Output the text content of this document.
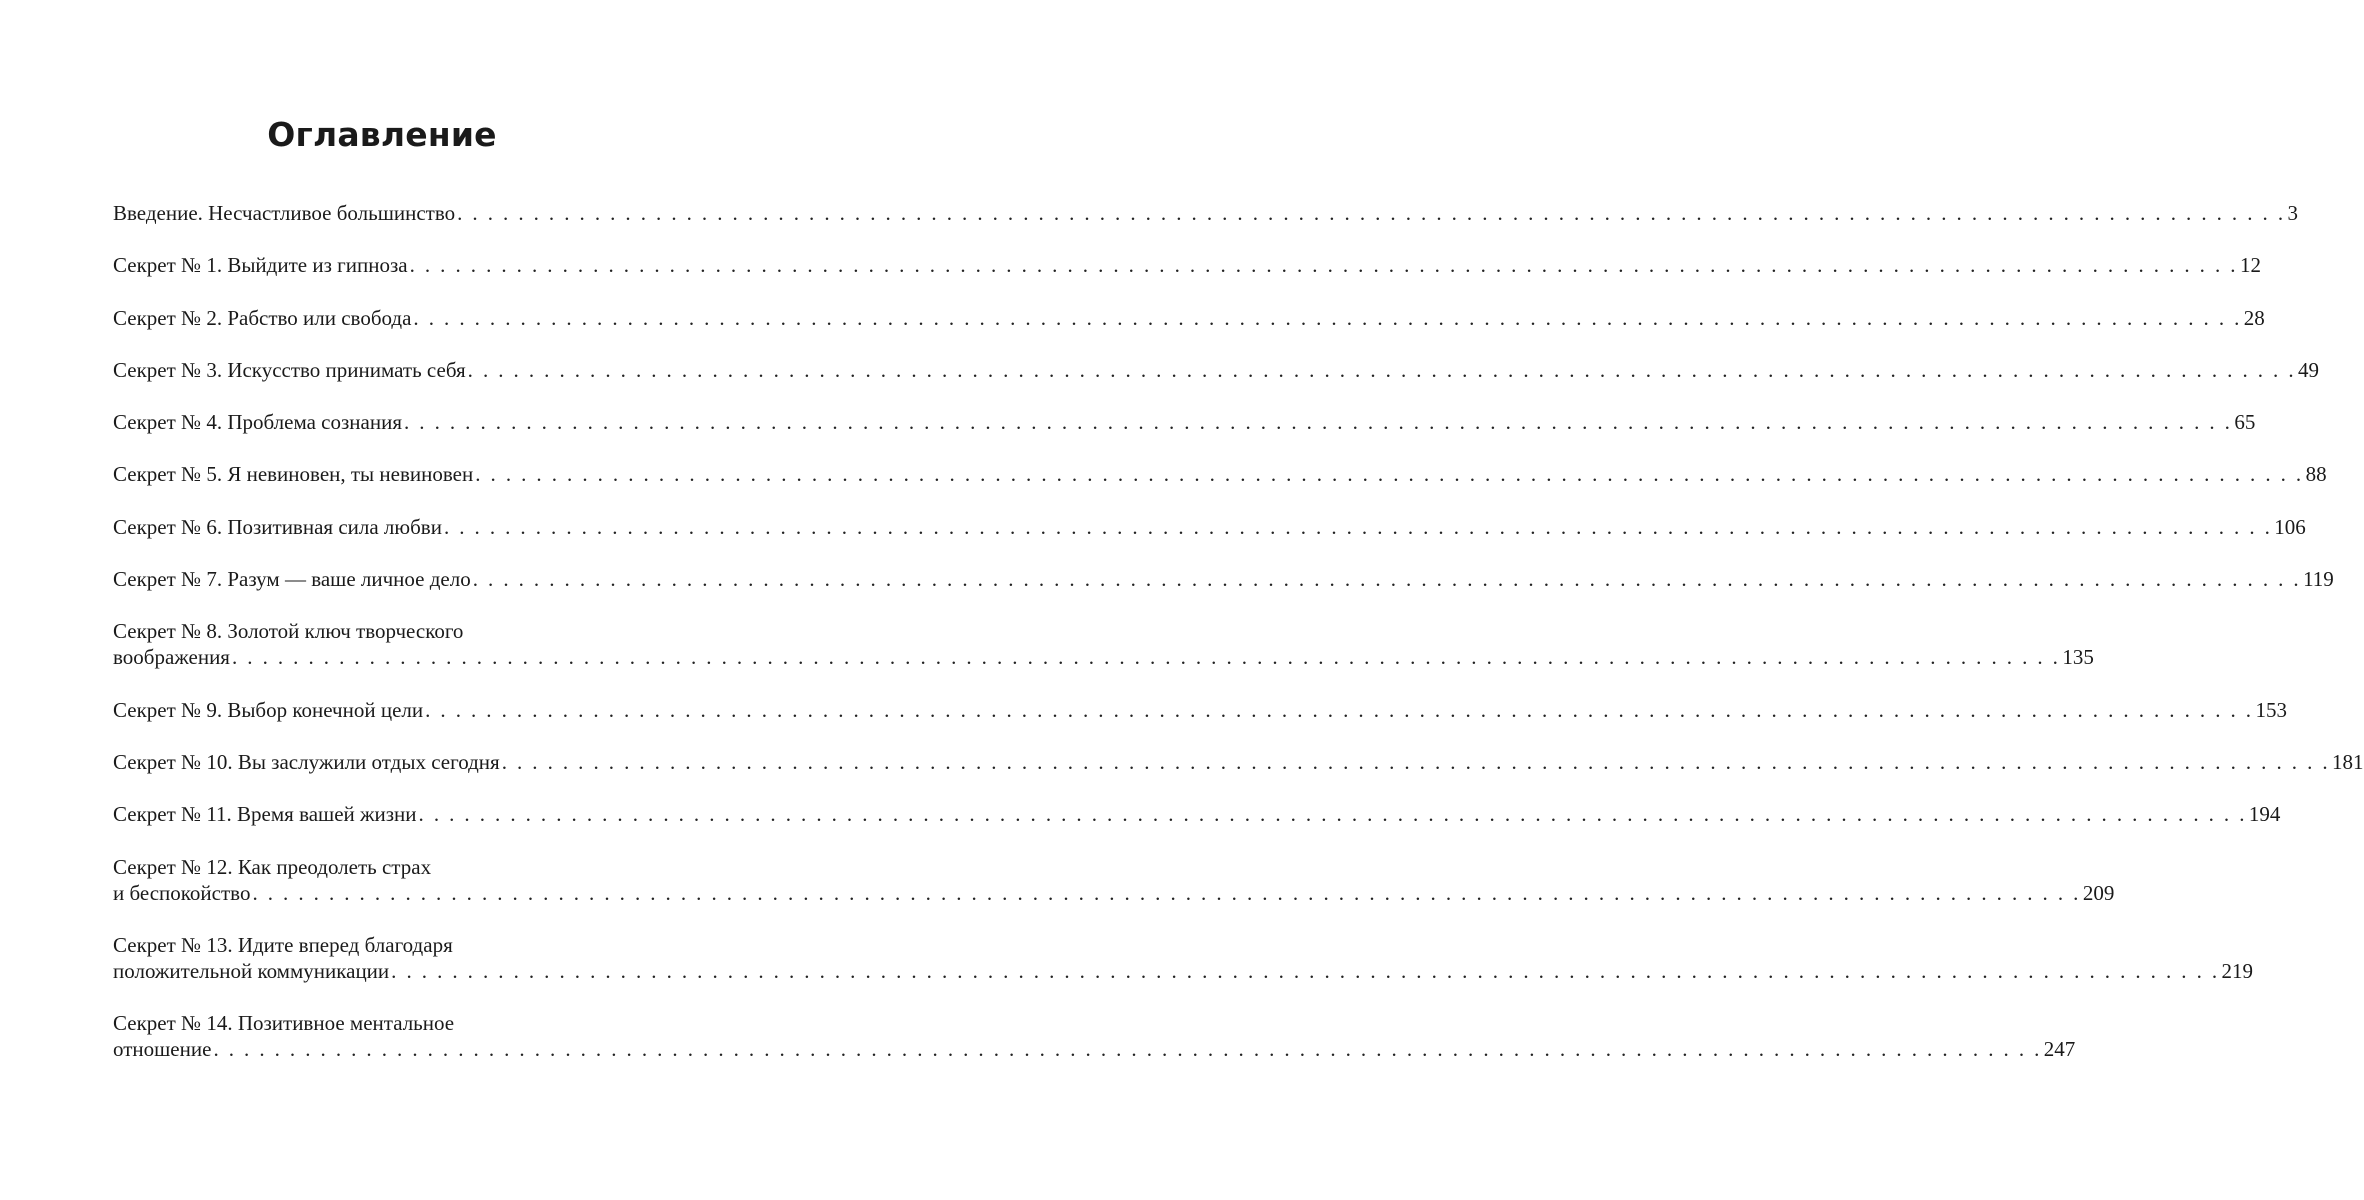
Оглавление
Введение. Несчастливое большинство . . . . . . . . . . . . . . . . . . . . . . . . . . . . . . . . . . . . . . . . . . . . . . . . . . . . . . . . . . . . . . . . . . . . . . . . . . . . . . . . . . . . . . . . . . . . . . . . . . . . . . . . . . . . . . . . . . . . . . . . 3
Секрет № 1. Выйдите из гипноза . . . . . . . . . . . . . . . . . . . . . . . . . . . . . . . . . . . . . . . . . . . . . . . . . . . . . . . . . . . . . . . . . . . . . . . . . . . . . . . . . . . . . . . . . . . . . . . . . . . . . . . . . . . . . . . . . . . . . . . . 12
Секрет № 2. Рабство или свобода . . . . . . . . . . . . . . . . . . . . . . . . . . . . . . . . . . . . . . . . . . . . . . . . . . . . . . . . . . . . . . . . . . . . . . . . . . . . . . . . . . . . . . . . . . . . . . . . . . . . . . . . . . . . . . . . . . . . . . . . 28
Секрет № 3. Искусство принимать себя . . . . . . . . . . . . . . . . . . . . . . . . . . . . . . . . . . . . . . . . . . . . . . . . . . . . . . . . . . . . . . . . . . . . . . . . . . . . . . . . . . . . . . . . . . . . . . . . . . . . . . . . . . . . . . . . . . . . . . . . 49
Секрет № 4. Проблема сознания . . . . . . . . . . . . . . . . . . . . . . . . . . . . . . . . . . . . . . . . . . . . . . . . . . . . . . . . . . . . . . . . . . . . . . . . . . . . . . . . . . . . . . . . . . . . . . . . . . . . . . . . . . . . . . . . . . . . . . . . 65
Секрет № 5. Я невиновен, ты невиновен . . . . . . . . . . . . . . . . . . . . . . . . . . . . . . . . . . . . . . . . . . . . . . . . . . . . . . . . . . . . . . . . . . . . . . . . . . . . . . . . . . . . . . . . . . . . . . . . . . . . . . . . . . . . . . . . . . . . . . . . 88
Секрет № 6. Позитивная сила любви . . . . . . . . . . . . . . . . . . . . . . . . . . . . . . . . . . . . . . . . . . . . . . . . . . . . . . . . . . . . . . . . . . . . . . . . . . . . . . . . . . . . . . . . . . . . . . . . . . . . . . . . . . . . . . . . . . . . . . . . 106
Секрет № 7. Разум — ваше личное дело . . . . . . . . . . . . . . . . . . . . . . . . . . . . . . . . . . . . . . . . . . . . . . . . . . . . . . . . . . . . . . . . . . . . . . . . . . . . . . . . . . . . . . . . . . . . . . . . . . . . . . . . . . . . . . . . . . . . . . . . 119
Секрет № 8. Золотой ключ творческого
воображения . . . . . . . . . . . . . . . . . . . . . . . . . . . . . . . . . . . . . . . . . . . . . . . . . . . . . . . . . . . . . . . . . . . . . . . . . . . . . . . . . . . . . . . . . . . . . . . . . . . . . . . . . . . . . . . . . . . . . . . . 135
Секрет № 9. Выбор конечной цели . . . . . . . . . . . . . . . . . . . . . . . . . . . . . . . . . . . . . . . . . . . . . . . . . . . . . . . . . . . . . . . . . . . . . . . . . . . . . . . . . . . . . . . . . . . . . . . . . . . . . . . . . . . . . . . . . . . . . . . . 153
Секрет № 10. Вы заслужили отдых сегодня . . . . . . . . . . . . . . . . . . . . . . . . . . . . . . . . . . . . . . . . . . . . . . . . . . . . . . . . . . . . . . . . . . . . . . . . . . . . . . . . . . . . . . . . . . . . . . . . . . . . . . . . . . . . . . . . . . . . . . . . 181
Секрет № 11. Время вашей жизни . . . . . . . . . . . . . . . . . . . . . . . . . . . . . . . . . . . . . . . . . . . . . . . . . . . . . . . . . . . . . . . . . . . . . . . . . . . . . . . . . . . . . . . . . . . . . . . . . . . . . . . . . . . . . . . . . . . . . . . . 194
Секрет № 12. Как преодолеть страх
и беспокойство . . . . . . . . . . . . . . . . . . . . . . . . . . . . . . . . . . . . . . . . . . . . . . . . . . . . . . . . . . . . . . . . . . . . . . . . . . . . . . . . . . . . . . . . . . . . . . . . . . . . . . . . . . . . . . . . . . . . . . . . 209
Секрет № 13. Идите вперед благодаря
положительной коммуникации . . . . . . . . . . . . . . . . . . . . . . . . . . . . . . . . . . . . . . . . . . . . . . . . . . . . . . . . . . . . . . . . . . . . . . . . . . . . . . . . . . . . . . . . . . . . . . . . . . . . . . . . . . . . . . . . . . . . . . . . 219
Секрет № 14. Позитивное ментальное
отношение . . . . . . . . . . . . . . . . . . . . . . . . . . . . . . . . . . . . . . . . . . . . . . . . . . . . . . . . . . . . . . . . . . . . . . . . . . . . . . . . . . . . . . . . . . . . . . . . . . . . . . . . . . . . . . . . . . . . . . . . 247
